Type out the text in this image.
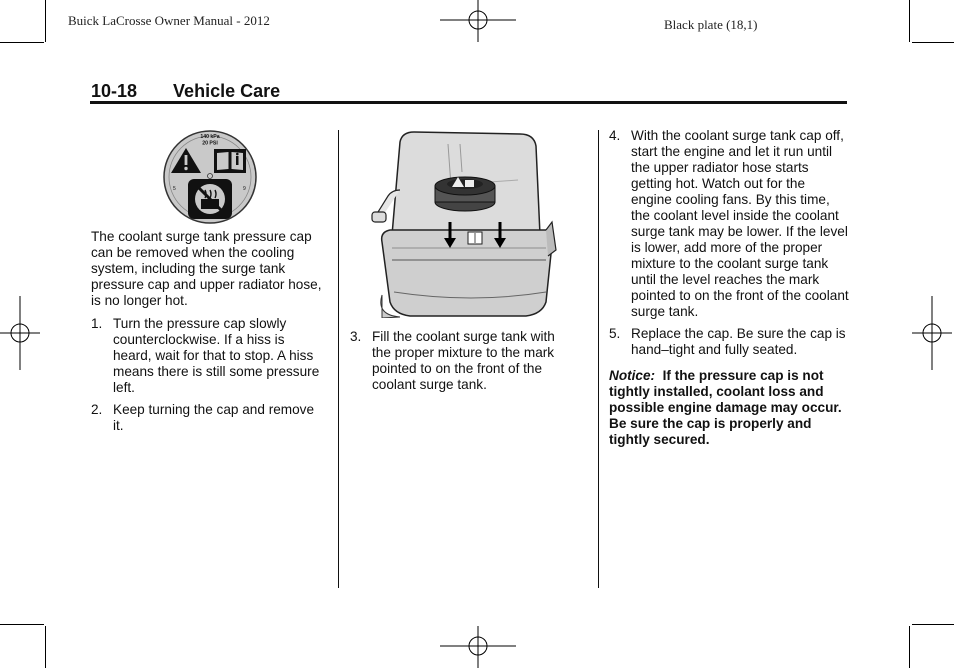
Buick LaCrosse Owner Manual - 2012	Black plate (18,1)
10-18 Vehicle Care
140 kPa
20 PSI
5	9

The coolant surge tank pressure cap can be removed when the cooling system, including the surge tank pressure cap and upper radiator hose, is no longer hot.

1. Turn the pressure cap slowly counterclockwise. If a hiss is heard, wait for that to stop. A hiss means there is still some pressure left.
2. Keep turning the cap and remove it.
3. Fill the coolant surge tank with the proper mixture to the mark pointed to on the front of the coolant surge tank.
4. With the coolant surge tank cap off, start the engine and let it run until the upper radiator hose starts getting hot. Watch out for the engine cooling fans. By this time, the coolant level inside the coolant surge tank may be lower. If the level is lower, add more of the proper mixture to the coolant surge tank until the level reaches the mark pointed to on the front of the coolant surge tank.
5. Replace the cap. Be sure the cap is hand–tight and fully seated.

Notice: If the pressure cap is not tightly installed, coolant loss and possible engine damage may occur. Be sure the cap is properly and tightly secured.
